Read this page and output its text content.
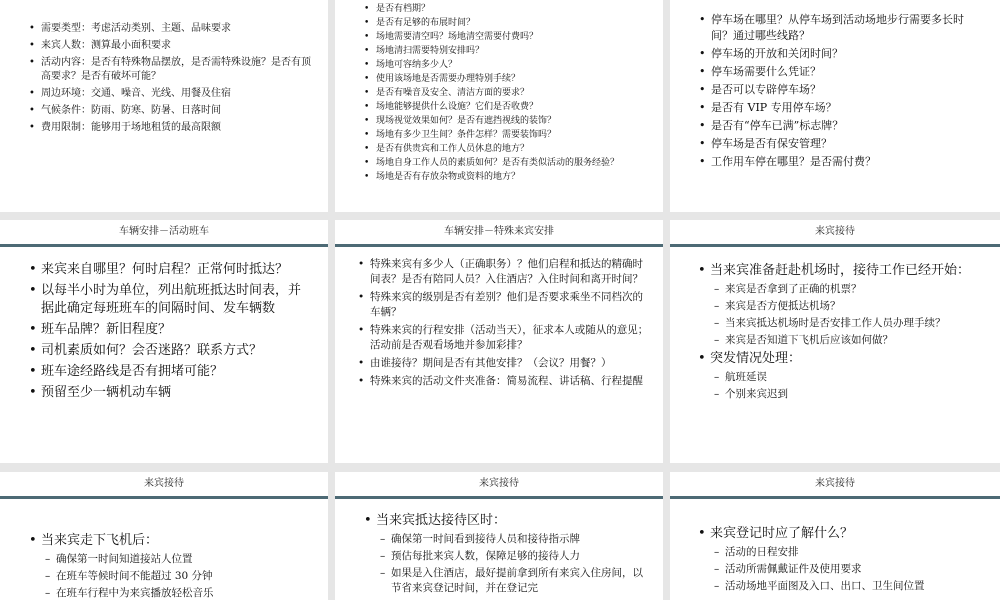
• 需要类型：考虑活动类别、主题、品味要求
• 来宾人数：测算最小面积要求
• 活动内容：是否有特殊物品摆放，是否需特殊设施？是否有顶高要求？是否有破坏可能？
• 周边环境：交通、噪音、光线、用餐及住宿
• 气候条件：防雨、防寒、防暑、日落时间
• 费用限制：能够用于场地租赁的最高限额
• 是否有档期？
• 是否有足够的布展时间？
• 场地需要清空吗？场地清空需要付费吗？
• 场地清扫需要特别安排吗？
• 场地可容纳多少人？
• 使用该场地是否需要办理特别手续？
• 是否有噪音及安全、清洁方面的要求？
• 场地能够提供什么设施？它们是否收费？
• 现场视觉效果如何？是否有遮挡视线的装饰？
• 场地有多少卫生间？条件怎样？需要装饰吗？
• 是否有供贵宾和工作人员休息的地方？
• 场地自身工作人员的素质如何？是否有类似活动的服务经验？
• 场地是否有存放杂物或资料的地方？
• 停车场在哪里？从停车场到活动场地步行需要多长时间？通过哪些线路？
• 停车场的开放和关闭时间？
• 停车场需要什么凭证？
• 是否可以专辟停车场？
• 是否有 VIP 专用停车场？
• 是否有“停车已满”标志牌？
• 停车场是否有保安管理？
• 工作用车停在哪里？是否需付费？
车辆安排－活动班车
• 来宾来自哪里？何时启程？正常何时抵达？
• 以每半小时为单位，列出航班抵达时间表，并据此确定每班班车的间隔时间、发车辆数
• 班车品牌？新旧程度？
• 司机素质如何？会否迷路？联系方式？
• 班车途经路线是否有拥堵可能？
• 预留至少一辆机动车辆
车辆安排－特殊来宾安排
• 特殊来宾有多少人（正确职务）？他们启程和抵达的精确时间表？是否有陪同人员？入住酒店？入住时间和离开时间？
• 特殊来宾的级别是否有差别？他们是否要求乘坐不同档次的车辆？
• 特殊来宾的行程安排（活动当天），征求本人或随从的意见；活动前是否观看场地并参加彩排？
• 由谁接待？期间是否有其他安排？（会议？用餐？）
• 特殊来宾的活动文件夹准备：简易流程、讲话稿、行程提醒
来宾接待
• 当来宾准备赶赴机场时，接待工作已经开始：
– 来宾是否拿到了正确的机票？
– 来宾是否方便抵达机场？
– 当来宾抵达机场时是否安排工作人员办理手续？
– 来宾是否知道下飞机后应该如何做？
• 突发情况处理：
– 航班延误
– 个别来宾迟到
来宾接待
• 当来宾走下飞机后：
– 确保第一时间知道接站人位置
– 在班车等候时间不能超过 30 分钟
– 在班车行程中为来宾播放轻松音乐
来宾接待
• 当来宾抵达接待区时：
– 确保第一时间看到接待人员和接待指示牌
– 预估每批来宾人数，保障足够的接待人力
– 如果是入住酒店，最好提前拿到所有来宾入住房间，以节省来宾登记时间，并在登记完
来宾接待
• 来宾登记时应了解什么？
– 活动的日程安排
– 活动所需佩戴证件及使用要求
– 活动场地平面图及入口、出口、卫生间位置
